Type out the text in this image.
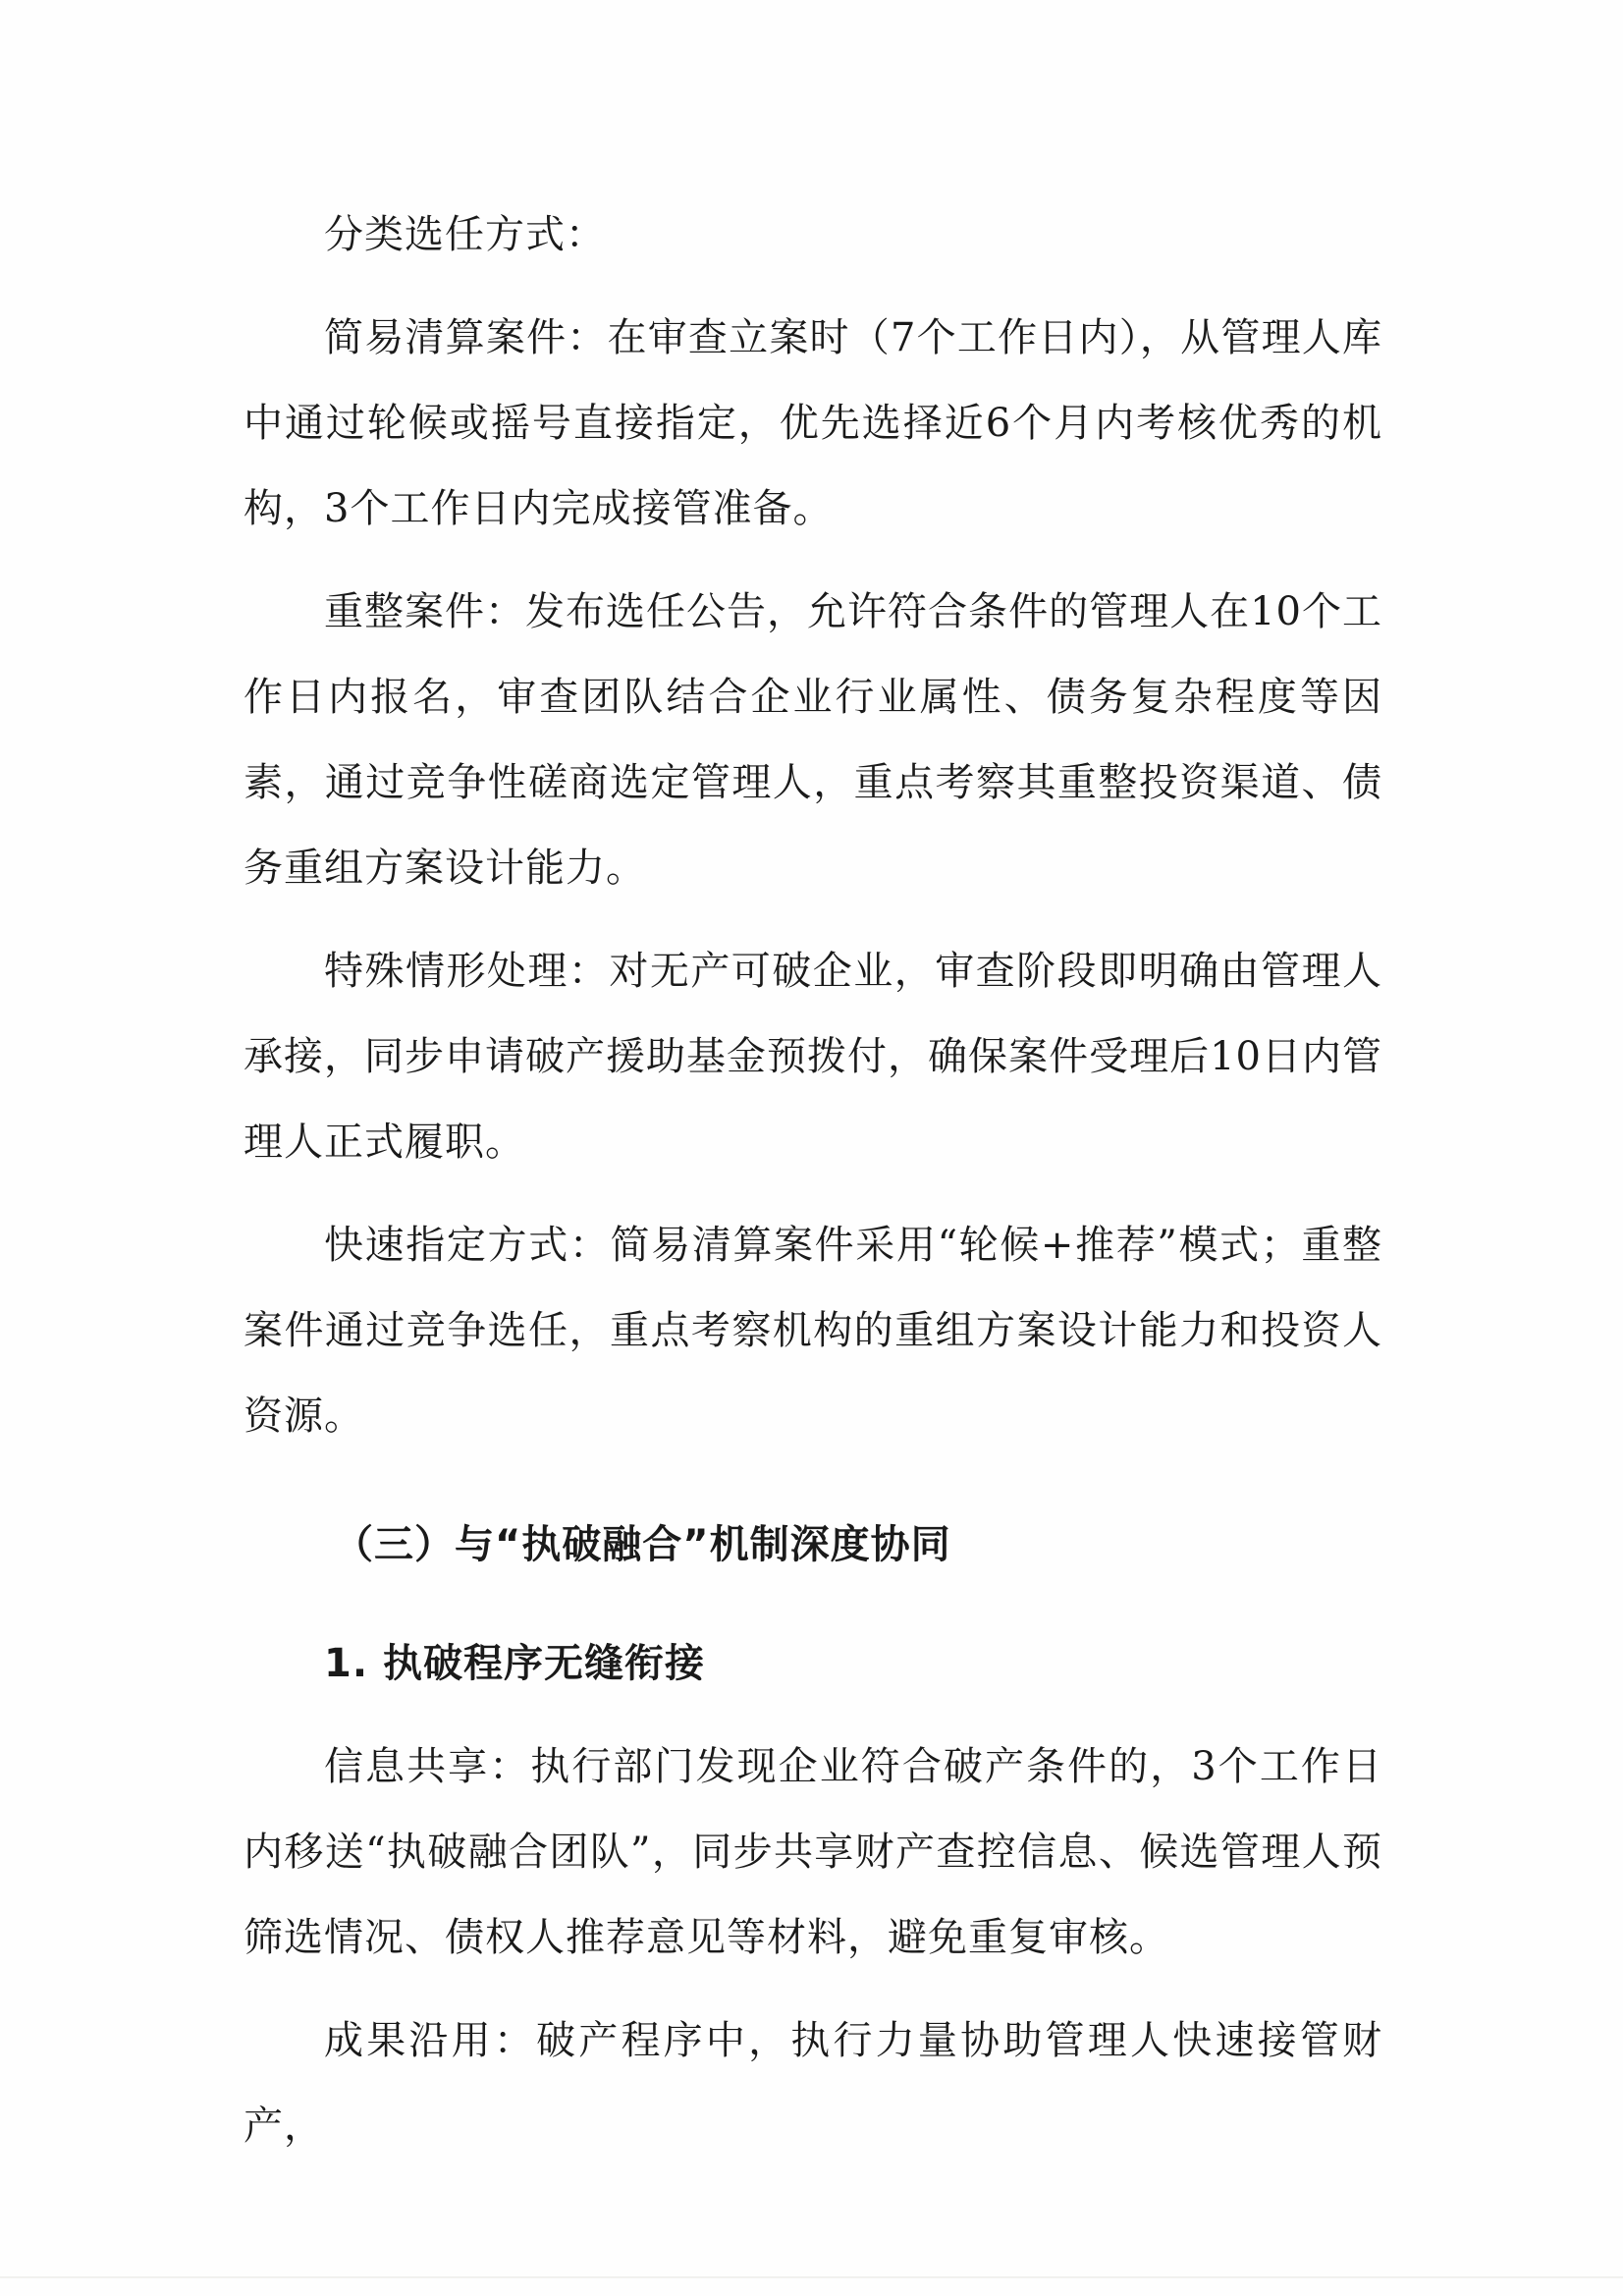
分类选任方式：

简易清算案件：在审查立案时（7个工作日内），从管理人库中通过轮候或摇号直接指定，优先选择近6个月内考核优秀的机构，3个工作日内完成接管准备。

重整案件：发布选任公告，允许符合条件的管理人在10个工作日内报名，审查团队结合企业行业属性、债务复杂程度等因素，通过竞争性磋商选定管理人，重点考察其重整投资渠道、债务重组方案设计能力。

特殊情形处理：对无产可破企业，审查阶段即明确由管理人承接，同步申请破产援助基金预拨付，确保案件受理后10日内管理人正式履职。

快速指定方式：简易清算案件采用“轮候+推荐”模式；重整案件通过竞争选任，重点考察机构的重组方案设计能力和投资人资源。

（三）与“执破融合”机制深度协同
1. 执破程序无缝衔接

信息共享：执行部门发现企业符合破产条件的，3个工作日内移送“执破融合团队”，同步共享财产查控信息、候选管理人预筛选情况、债权人推荐意见等材料，避免重复审核。

成果沿用：破产程序中，执行力量协助管理人快速接管财产，
